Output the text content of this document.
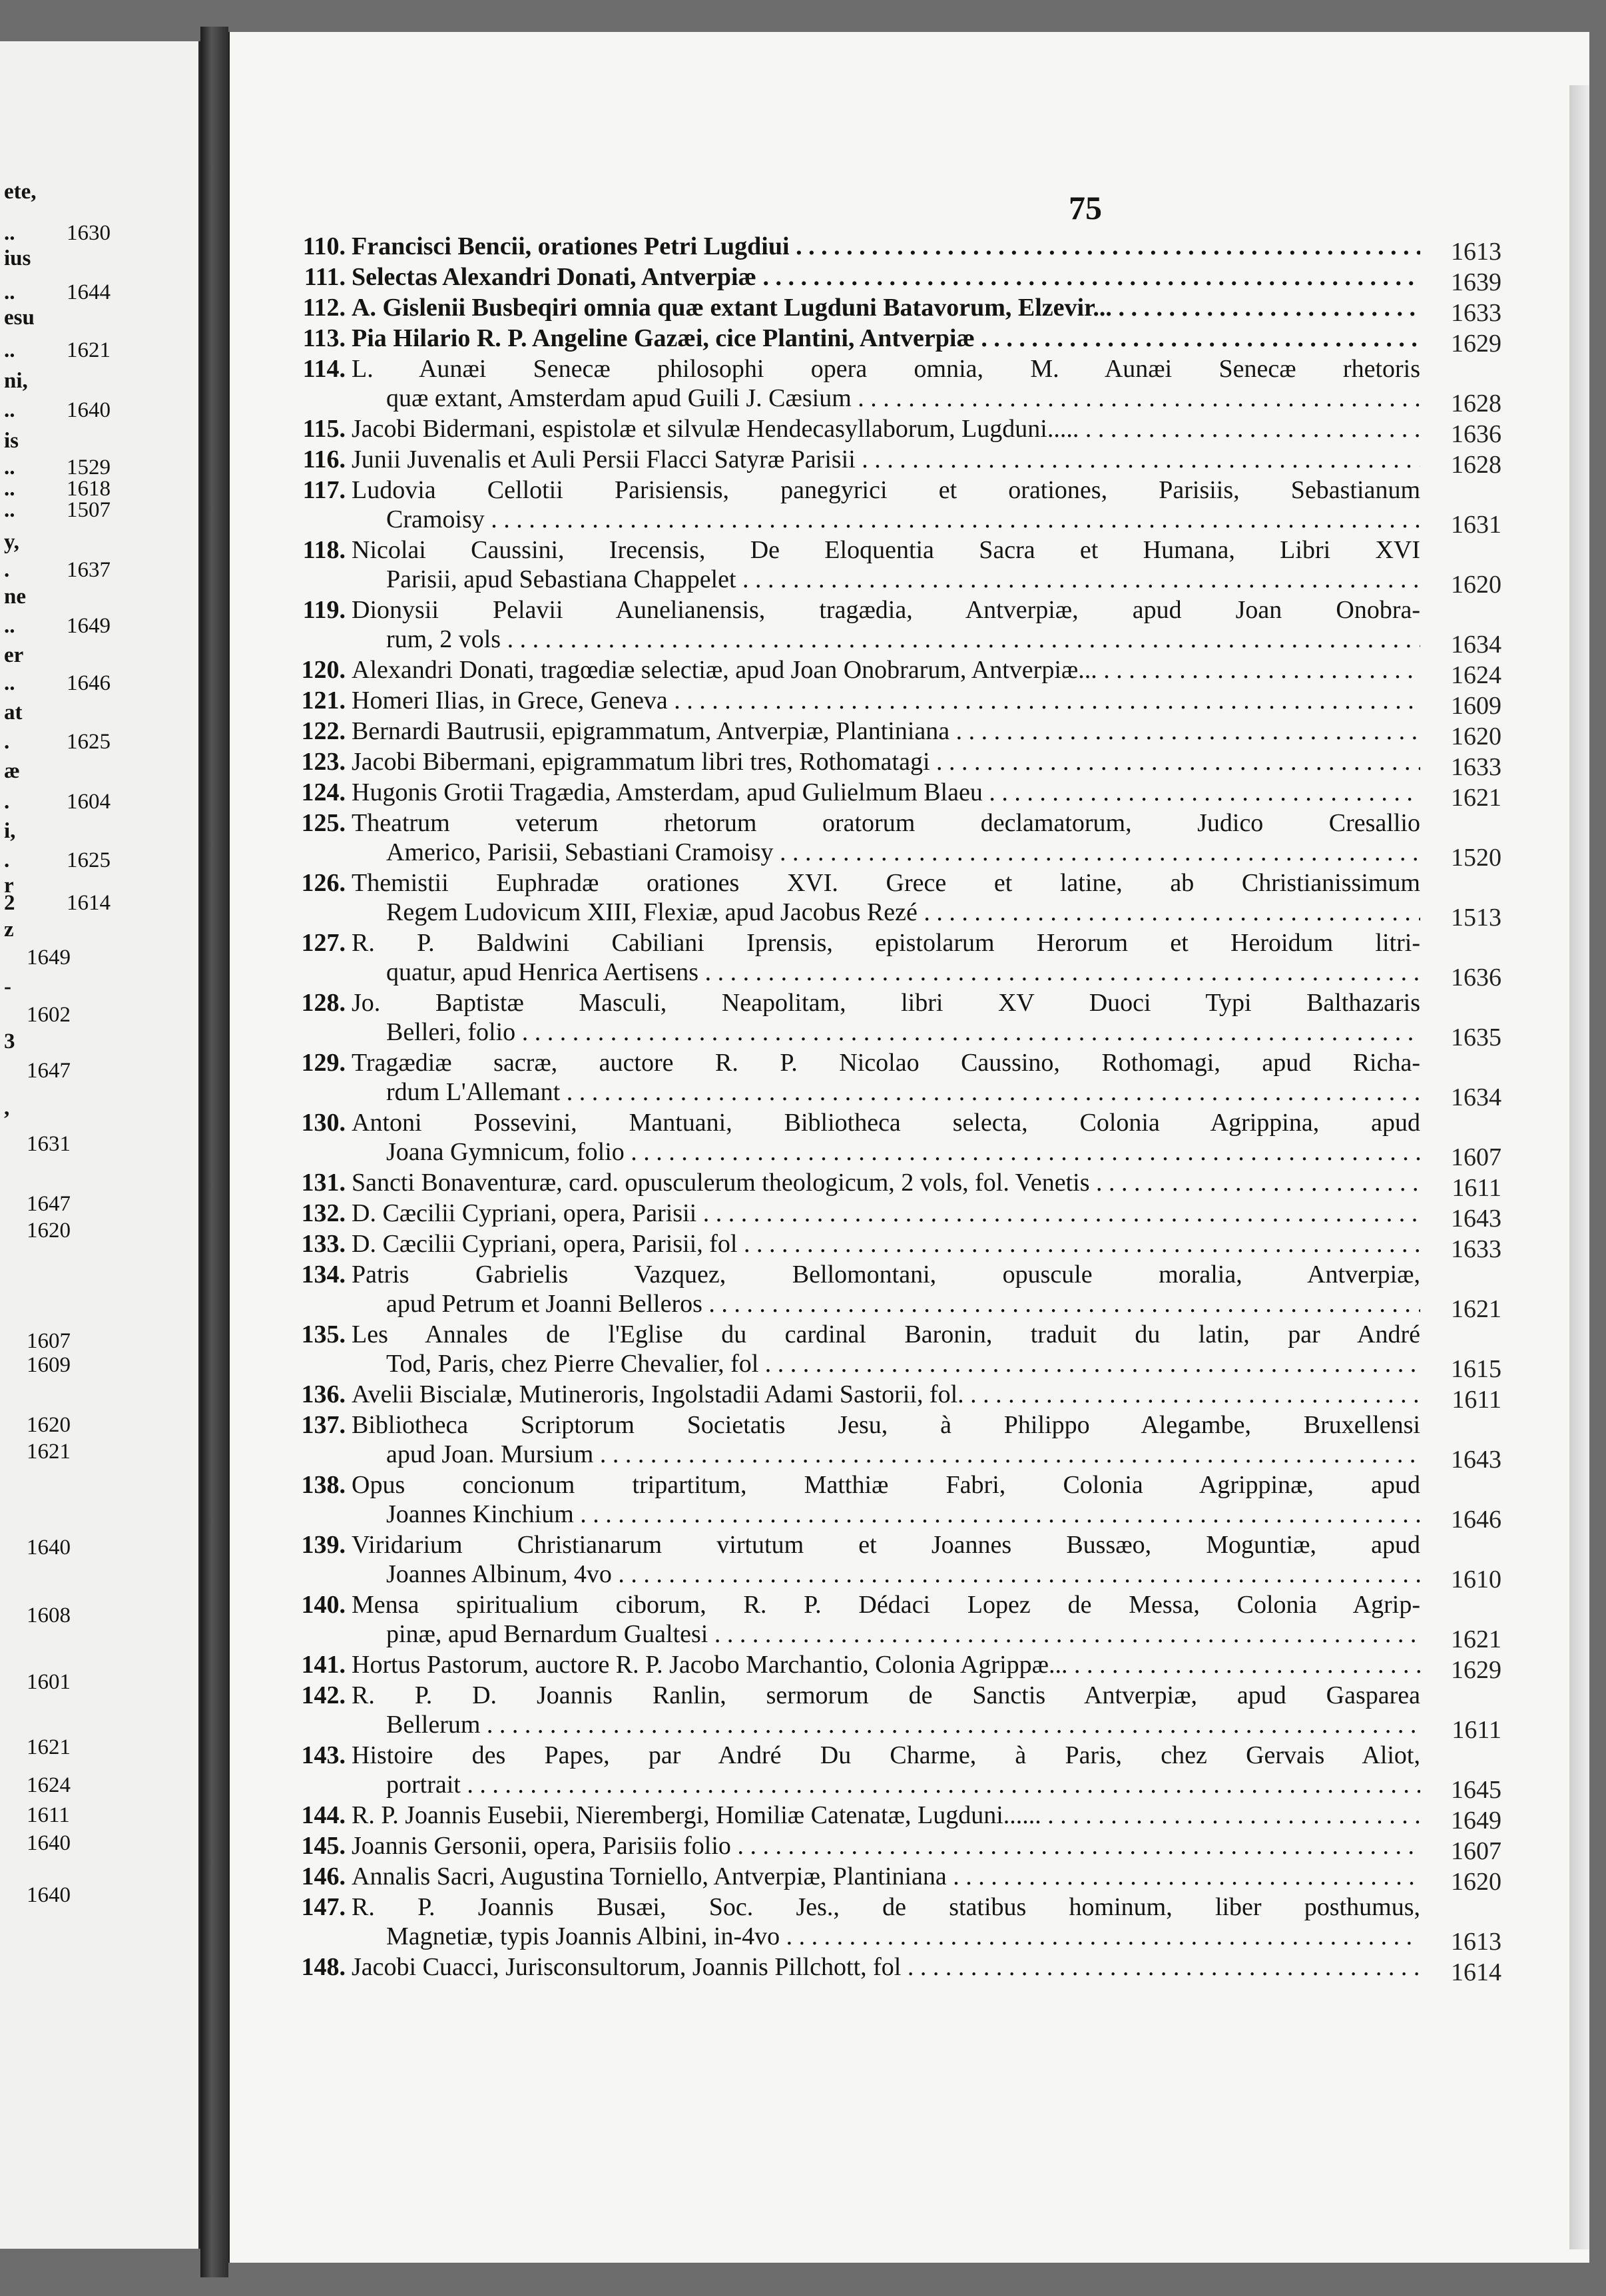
ete,
.. 1630
ius
.. 1644
esu
.. 1621
ni,
.. 1640
is
.. 1529
.. 1618
.. 1507
y,
.	1637
ne
.. 1649
er
.. 1646
at
.	1625
æ
.	1604
i,
.	1625
r
2 1614
z
1649
-
1602
3
1647
,
1631
1647
1620
1607
1609
1620
1621
1640
1608
1601
1621
1624
1611
1640
1640
75
110. Francisci Bencii, orationes Petri Lugdiui . . .	1613
111. Selectas Alexandri Donati, Antverpiæ . . .	1639
112. A. Gislenii Busbeqiri omnia quæ extant Lugduni Batavorum, Elzevir... . . .	1633
113. Pia Hilario R. P. Angeline Gazæi, cice Plantini, Antverpiæ . . .	1629
114. L. Aunæi Senecæ philosophi opera omnia, M. Aunæi Senecæ rhetoris
quæ extant, Amsterdam apud Guili J. Cæsium . . .	1628
115. Jacobi Bidermani, espistolæ et silvulæ Hendecasyllaborum, Lugduni..... . . .	1636
116. Junii Juvenalis et Auli Persii Flacci Satyræ Parisii . . .	1628
117. Ludovia Cellotii Parisiensis, panegyrici et orationes, Parisiis, Sebastianum
Cramoisy . . .	1631
118. Nicolai Caussini, Irecensis, De Eloquentia Sacra et Humana, Libri XVI
Parisii, apud Sebastiana Chappelet . . .	1620
119. Dionysii Pelavii Aunelianensis, tragædia, Antverpiæ, apud Joan Onobra-
rum, 2 vols . . .	1634
120. Alexandri Donati, tragœdiæ selectiæ, apud Joan Onobrarum, Antverpiæ... . . .	1624
121. Homeri Ilias, in Grece, Geneva . . .	1609
122. Bernardi Bautrusii, epigrammatum, Antverpiæ, Plantiniana . . .	1620
123. Jacobi Bibermani, epigrammatum libri tres, Rothomatagi . . .	1633
124. Hugonis Grotii Tragædia, Amsterdam, apud Gulielmum Blaeu . . .	1621
125. Theatrum veterum rhetorum oratorum declamatorum, Judico Cresallio
Americo, Parisii, Sebastiani Cramoisy . . .	1520
126. Themistii Euphradæ orationes XVI. Grece et latine, ab Christianissimum
Regem Ludovicum XIII, Flexiæ, apud Jacobus Rezé . . .	1513
127. R. P. Baldwini Cabiliani Iprensis, epistolarum Herorum et Heroidum litri-
quatur, apud Henrica Aertisens . . .	1636
128. Jo. Baptistæ Masculi, Neapolitam, libri XV Duoci Typi Balthazaris
Belleri, folio . . .	1635
129. Tragædiæ sacræ, auctore R. P. Nicolao Caussino, Rothomagi, apud Richa-
rdum L'Allemant . . .	1634
130. Antoni Possevini, Mantuani, Bibliotheca selecta, Colonia Agrippina, apud
Joana Gymnicum, folio . . .	1607
131. Sancti Bonaventuræ, card. opusculerum theologicum, 2 vols, fol. Venetis . . .	1611
132. D. Cæcilii Cypriani, opera, Parisii . . .	1643
133. D. Cæcilii Cypriani, opera, Parisii, fol . . .	1633
134. Patris Gabrielis Vazquez, Bellomontani, opuscule moralia, Antverpiæ,
apud Petrum et Joanni Belleros . . .	1621
135. Les Annales de l'Eglise du cardinal Baronin, traduit du latin, par André
Tod, Paris, chez Pierre Chevalier, fol . . .	1615
136. Avelii Biscialæ, Mutineroris, Ingolstadii Adami Sastorii, fol. . . .	1611
137. Bibliotheca Scriptorum Societatis Jesu, à Philippo Alegambe, Bruxellensi
apud Joan. Mursium . . .	1643
138. Opus concionum tripartitum, Matthiæ Fabri, Colonia Agrippinæ, apud
Joannes Kinchium . . .	1646
139. Viridarium Christianarum virtutum et Joannes Bussæo, Moguntiæ, apud
Joannes Albinum, 4vo . . .	1610
140. Mensa spiritualium ciborum, R. P. Dédaci Lopez de Messa, Colonia Agrip-
pinæ, apud Bernardum Gualtesi . . .	1621
141. Hortus Pastorum, auctore R. P. Jacobo Marchantio, Colonia Agrippæ... . . .	1629
142. R. P. D. Joannis Ranlin, sermorum de Sanctis Antverpiæ, apud Gasparea
Bellerum . . .	1611
143. Histoire des Papes, par André Du Charme, à Paris, chez Gervais Aliot,
portrait . . .	1645
144. R. P. Joannis Eusebii, Nierembergi, Homiliæ Catenatæ, Lugduni...... . . .	1649
145. Joannis Gersonii, opera, Parisiis folio . . .	1607
146. Annalis Sacri, Augustina Torniello, Antverpiæ, Plantiniana . . .	1620
147. R. P. Joannis Busæi, Soc. Jes., de statibus hominum, liber posthumus,
Magnetiæ, typis Joannis Albini, in-4vo . . .	1613
148. Jacobi Cuacci, Jurisconsultorum, Joannis Pillchott, fol . . .	1614
